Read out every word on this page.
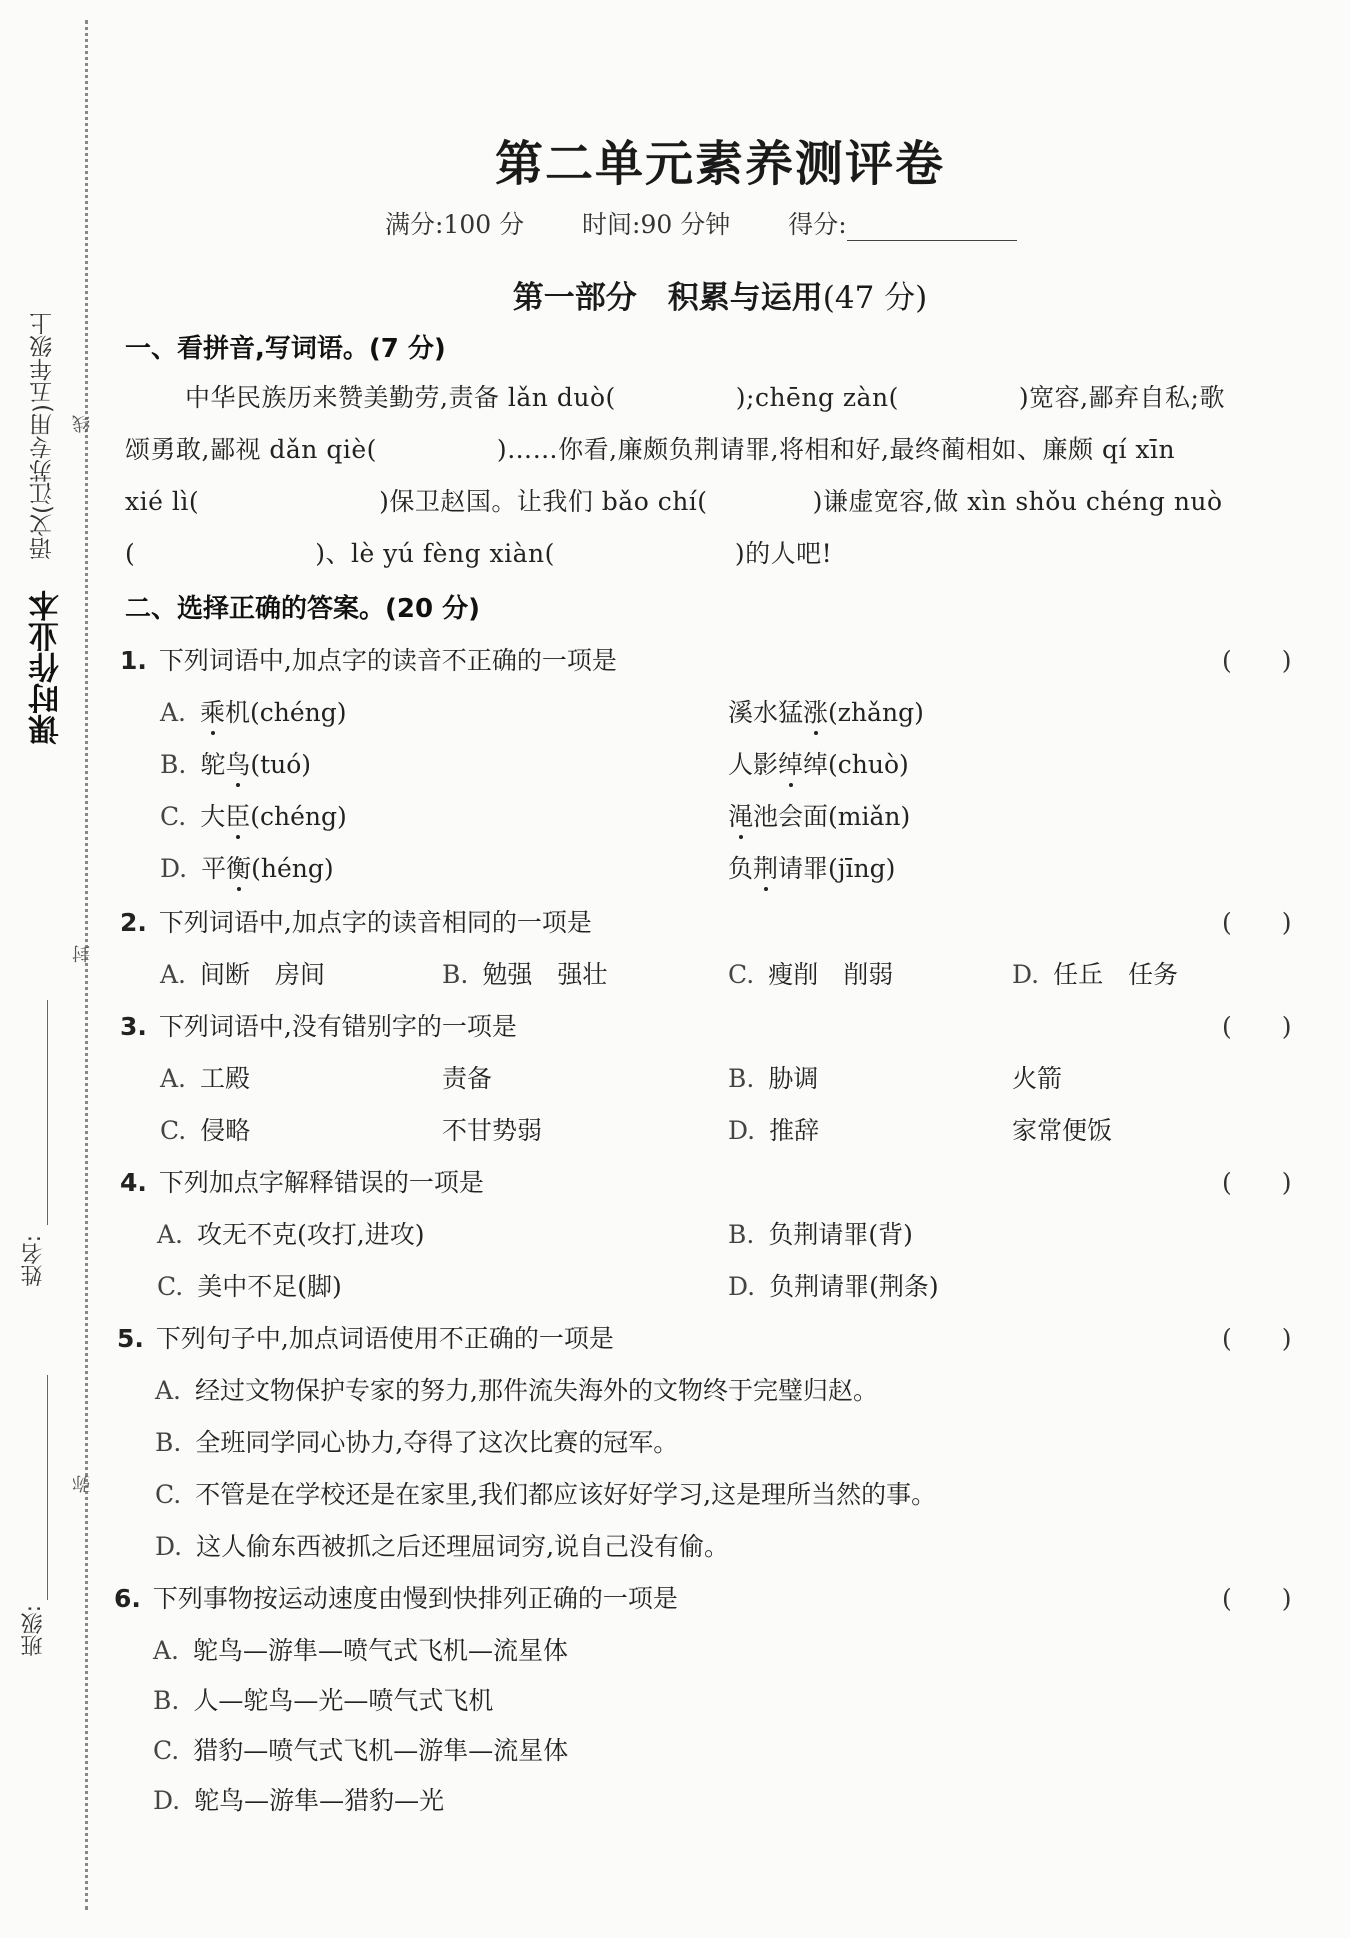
课时作业本
语文(江苏专用)五年级上 线
封
弥
姓名:
班级:
第二单元素养测评卷
满分:100 分 时间:90 分钟 得分:
第一部分　积累与运用(47 分)
一、看拼音,写词语。(7 分)
中华民族历来赞美勤劳,责备 lǎn duò(	);chēng zàn(	)宽容,鄙弃自私;歌
颂勇敢,鄙视 dǎn qiè(	)……你看,廉颇负荆请罪,将相和好,最终蔺相如、廉颇 qí xīn
xié lì(	)保卫赵国。让我们 bǎo chí(	)谦虚宽容,做 xìn shǒu chéng nuò
(	)、lè yú fèng xiàn(	)的人吧!
二、选择正确的答案。(20 分)
1. 下列词语中,加点字的读音不正确的一项是	(　　)
A. 乘机(chéng)	溪水猛涨(zhǎng)
B. 鸵鸟(tuó)	人影绰绰(chuò)
C. 大臣(chéng)	渑池会面(miǎn)
D. 平衡(héng)	负荆请罪(jīng)
2. 下列词语中,加点字的读音相同的一项是	(　　)
A. 间断　房间	B. 勉强　强壮	C. 瘦削　削弱	D. 任丘　任务
3. 下列词语中,没有错别字的一项是	(　　)
A. 工殿	责备	B. 胁调	火箭
C. 侵略	不甘势弱	D. 推辞	家常便饭
4. 下列加点字解释错误的一项是	(　　)
A. 攻无不克(攻打,进攻)	B. 负荆请罪(背)
C. 美中不足(脚)	D. 负荆请罪(荆条)
5. 下列句子中,加点词语使用不正确的一项是	(　　)
A. 经过文物保护专家的努力,那件流失海外的文物终于完璧归赵。
B. 全班同学同心协力,夺得了这次比赛的冠军。
C. 不管是在学校还是在家里,我们都应该好好学习,这是理所当然的事。
D. 这人偷东西被抓之后还理屈词穷,说自己没有偷。
6. 下列事物按运动速度由慢到快排列正确的一项是	(　　)
A. 鸵鸟—游隼—喷气式飞机—流星体
B. 人—鸵鸟—光—喷气式飞机
C. 猎豹—喷气式飞机—游隼—流星体
D. 鸵鸟—游隼—猎豹—光
